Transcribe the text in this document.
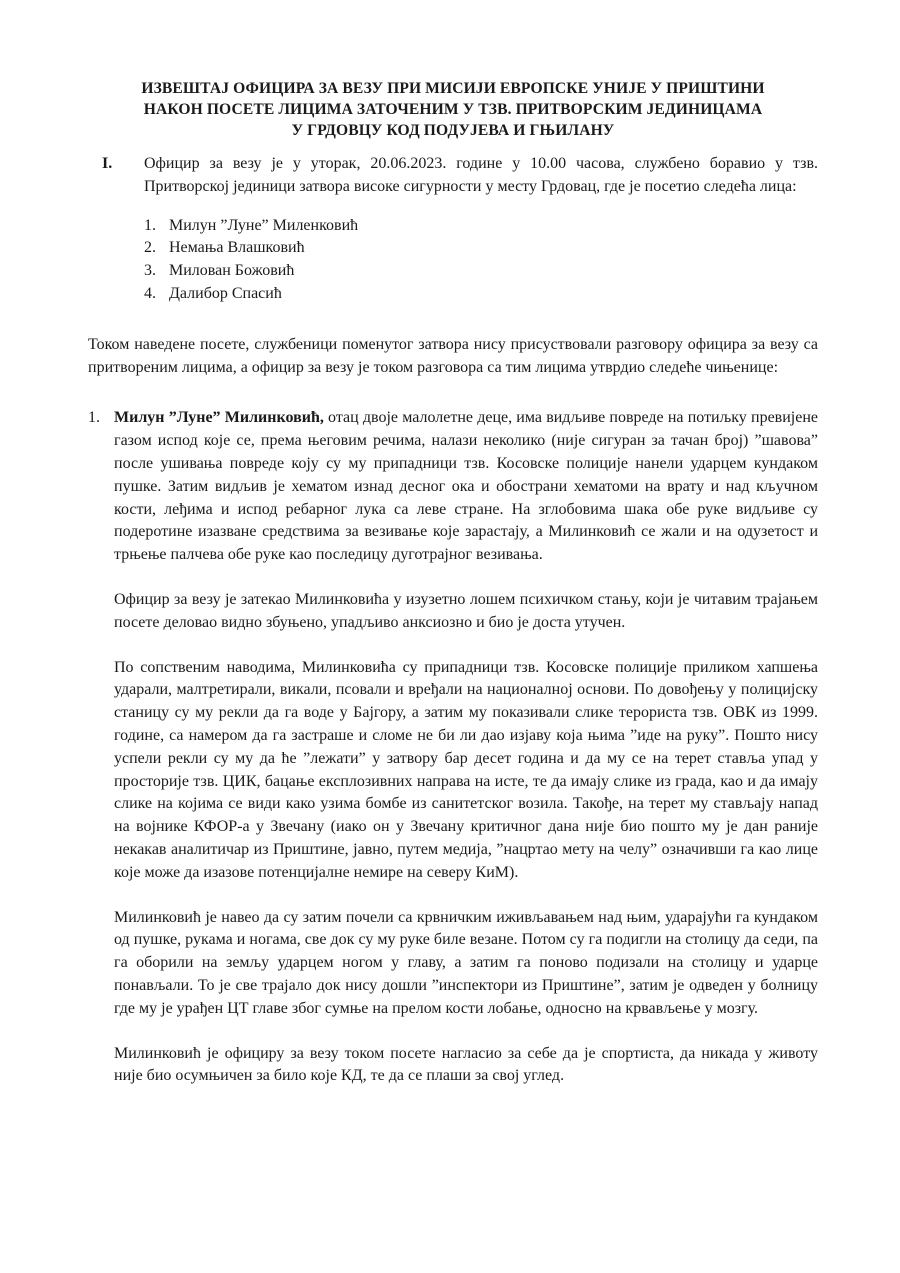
ИЗВЕШТАЈ ОФИЦИРА ЗА ВЕЗУ ПРИ МИСИЈИ ЕВРОПСКЕ УНИЈЕ У ПРИШТИНИ
НАКОН ПОСЕТЕ ЛИЦИМА ЗАТОЧЕНИМ У ТЗВ. ПРИТВОРСКИМ ЈЕДИНИЦАМА
У ГРДОВЦУ КОД ПОДУЈЕВА И ГЊИЛАНУ
I.	Официр за везу је у уторак, 20.06.2023. године у 10.00 часова, службено боравио у тзв. Притворској јединици затвора високе сигурности у месту Грдовац, где је посетио следећа лица:

1. Милун ”Луне” Миленковић
2. Немања Влашковић
3. Милован Божовић
4. Далибор Спасић

Током наведене посете, службеници поменутог затвора нису присуствовали разговору официра за везу са притвореним лицима, а официр за везу је током разговора са тим лицима утврдио следеће чињенице:

1. Милун ”Луне” Милинковић, отац двоје малолетне деце, има видљиве повреде на потиљку превијене газом испод које се, према његовим речима, налази неколико (није сигуран за тачан број) ”шавова” после ушивања повреде коју су му припадници тзв. Косовске полиције нанели ударцем кундаком пушке. Затим видљив је хематом изнад десног ока и обострани хематоми на врату и над кључном кости, леђима и испод ребарног лука са леве стране. На зглобовима шака обе руке видљиве су подеротине изазване средствима за везивање које зарастају, а Милинковић се жали и на одузетост и трњење палчева обе руке као последицу дуготрајног везивања.

Официр за везу је затекао Милинковића у изузетно лошем психичком стању, који је читавим трајањем посете деловао видно збуњено, упадљиво анксиозно и био је доста утучен.

По сопственим наводима, Милинковића су припадници тзв. Косовске полиције приликом хапшења ударали, малтретирали, викали, псовали и вређали на националној основи. По довођењу у полицијску станицу су му рекли да га воде у Бајгору, а затим му показивали слике терориста тзв. ОВК из 1999. године, са намером да га застраше и сломе не би ли дао изјаву која њима ”иде на руку”. Пошто нису успели рекли су му да ће ”лежати” у затвору бар десет година и да му се на терет ставља упад у просторије тзв. ЦИК, бацање експлозивних направа на исте, те да имају слике из града, као и да имају слике на којима се види како узима бомбе из санитетског возила. Такође, на терет му стављају напад на војнике КФОР-а у Звечану (иако он у Звечану критичног дана није био пошто му је дан раније некакав аналитичар из Приштине, јавно, путем медија, ”нацртао мету на челу” означивши га као лице које може да изазове потенцијалне немире на северу КиМ).

Милинковић је навео да су затим почели са крвничким иживљавањем над њим, ударајући га кундаком од пушке, рукама и ногама, све док су му руке биле везане. Потом су га подигли на столицу да седи, па га оборили на земљу ударцем ногом у главу, а затим га поново подизали на столицу и ударце понављали. То је све трајало док нису дошли ”инспектори из Приштине”, затим је одведен у болницу где му је урађен ЦТ главе због сумње на прелом кости лобање, односно на крвављење у мозгу.

Милинковић је официру за везу током посете нагласио за себе да је спортиста, да никада у животу није био осумњичен за било које КД, те да се плаши за свој углед.
